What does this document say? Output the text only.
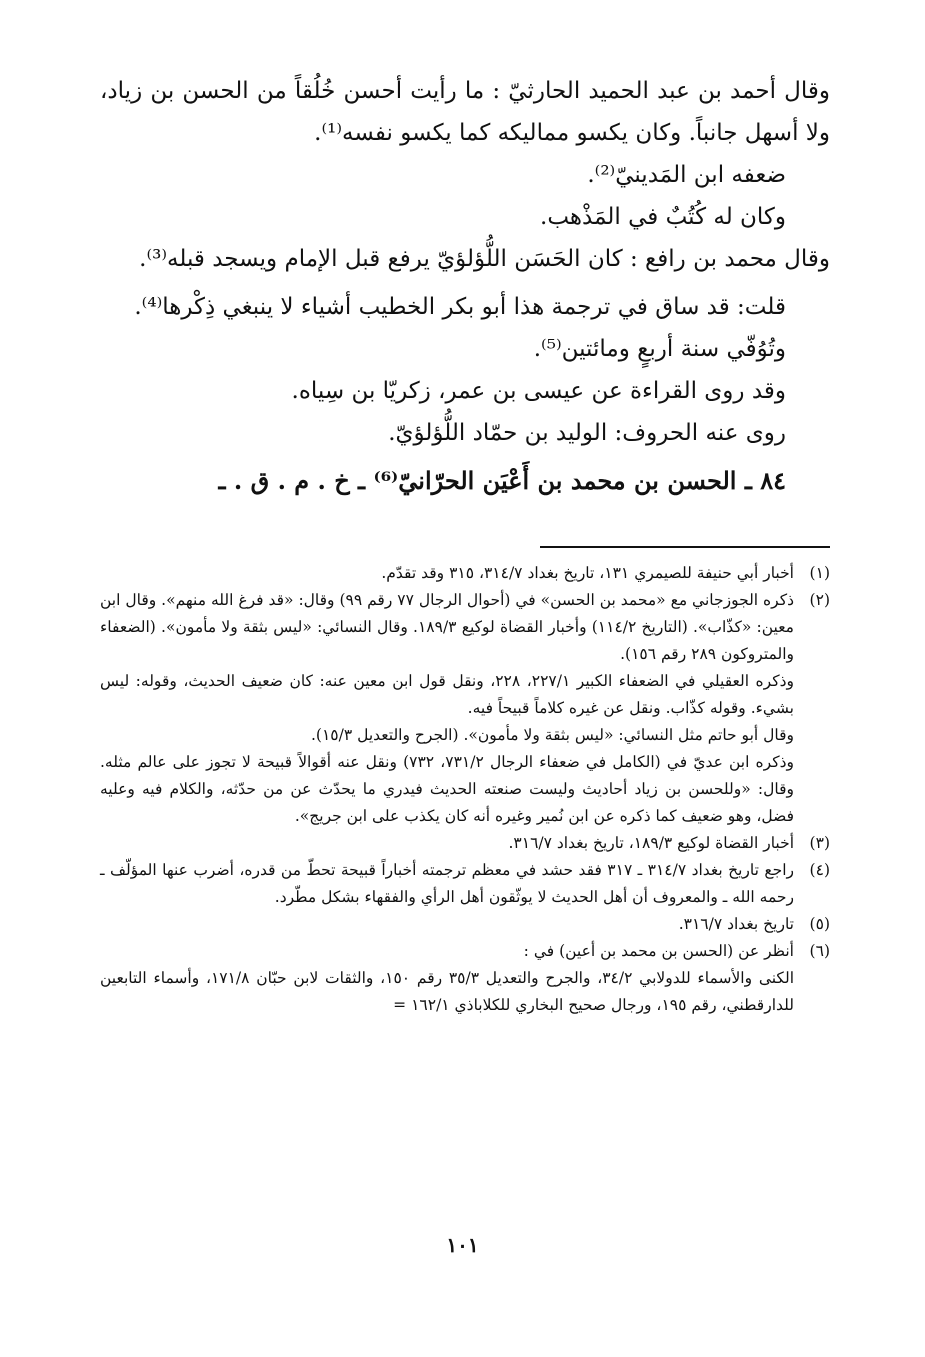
وقال أحمد بن عبد الحميد الحارثيّ : ما رأيت أحسن خُلُقاً من الحسن بن زياد، ولا أسهل جانباً. وكان يكسو مماليكه كما يكسو نفسه⁽¹⁾.

ضعفه ابن المَدينيّ⁽²⁾.

وكان له كُتُبٌ في المَذْهب.

وقال محمد بن رافع : كان الحَسَن اللُّؤلؤيّ يرفع قبل الإمام ويسجد قبله⁽³⁾.

قلت: قد ساق في ترجمة هذا أبو بكر الخطيب أشياء لا ينبغي ذِكْرها⁽⁴⁾.

وتُوُفّي سنة أربعٍ ومائتين⁽⁵⁾.

وقد روى القراءة عن عيسى بن عمر، زكريّا بن سِياه.

روى عنه الحروف: الوليد بن حمّاد اللُّؤلؤيّ.

٨٤ ـ الحسن بن محمد بن أَعْيَن الحرّانيّ⁽⁶⁾ ـ خ . م . ق . ـ

(١)

أخبار أبي حنيفة للصيمري ١٣١، تاريخ بغداد ٣١٤/٧، ٣١٥ وقد تقدّم.

(٢)

ذكره الجوزجاني مع «محمد بن الحسن» في (أحوال الرجال ٧٧ رقم ٩٩) وقال: «قد فرغ الله منهم». وقال ابن معين: «كذّاب». (التاريخ ١١٤/٢) وأخبار القضاة لوكيع ١٨٩/٣. وقال النسائي: «ليس بثقة ولا مأمون». (الضعفاء والمتروكون ٢٨٩ رقم ١٥٦).

وذكره العقيلي في الضعفاء الكبير ٢٢٧/١، ٢٢٨، ونقل قول ابن معين عنه: كان ضعيف الحديث، وقوله: ليس بشيء. وقوله كذّاب. ونقل عن غيره كلاماً قبيحاً فيه.

وقال أبو حاتم مثل النسائي: «ليس بثقة ولا مأمون». (الجرح والتعديل ١٥/٣).

وذكره ابن عديّ في (الكامل في ضعفاء الرجال ٧٣١/٢، ٧٣٢) ونقل عنه أقوالاً قبيحة لا تجوز على عالم مثله. وقال: «وللحسن بن زياد أحاديث وليست صنعته الحديث فيدري ما يحدّث عن من حدّثه، والكلام فيه وعليه فضل، وهو ضعيف كما ذكره عن ابن نُمير وغيره أنه كان يكذب على ابن جريج».

(٣)

أخبار القضاة لوكيع ١٨٩/٣، تاريخ بغداد ٣١٦/٧.

(٤)

راجع تاريخ بغداد ٣١٤/٧ ـ ٣١٧ فقد حشد في معظم ترجمته أخباراً قبيحة تحطّ من قدره، أضرب عنها المؤلّف ـ رحمه الله ـ والمعروف أن أهل الحديث لا يوثّقون أهل الرأي والفقهاء بشكل مطّرد.

(٥)

تاريخ بغداد ٣١٦/٧.

(٦)

أنظر عن (الحسن بن محمد بن أعين) في :

الكنى والأسماء للدولابي ٣٤/٢، والجرح والتعديل ٣٥/٣ رقم ١٥٠، والثقات لابن حبّان ١٧١/٨، وأسماء التابعين للدارقطني، رقم ١٩٥، ورجال صحيح البخاري للكلاباذي ١٦٢/١ =

١٠١
